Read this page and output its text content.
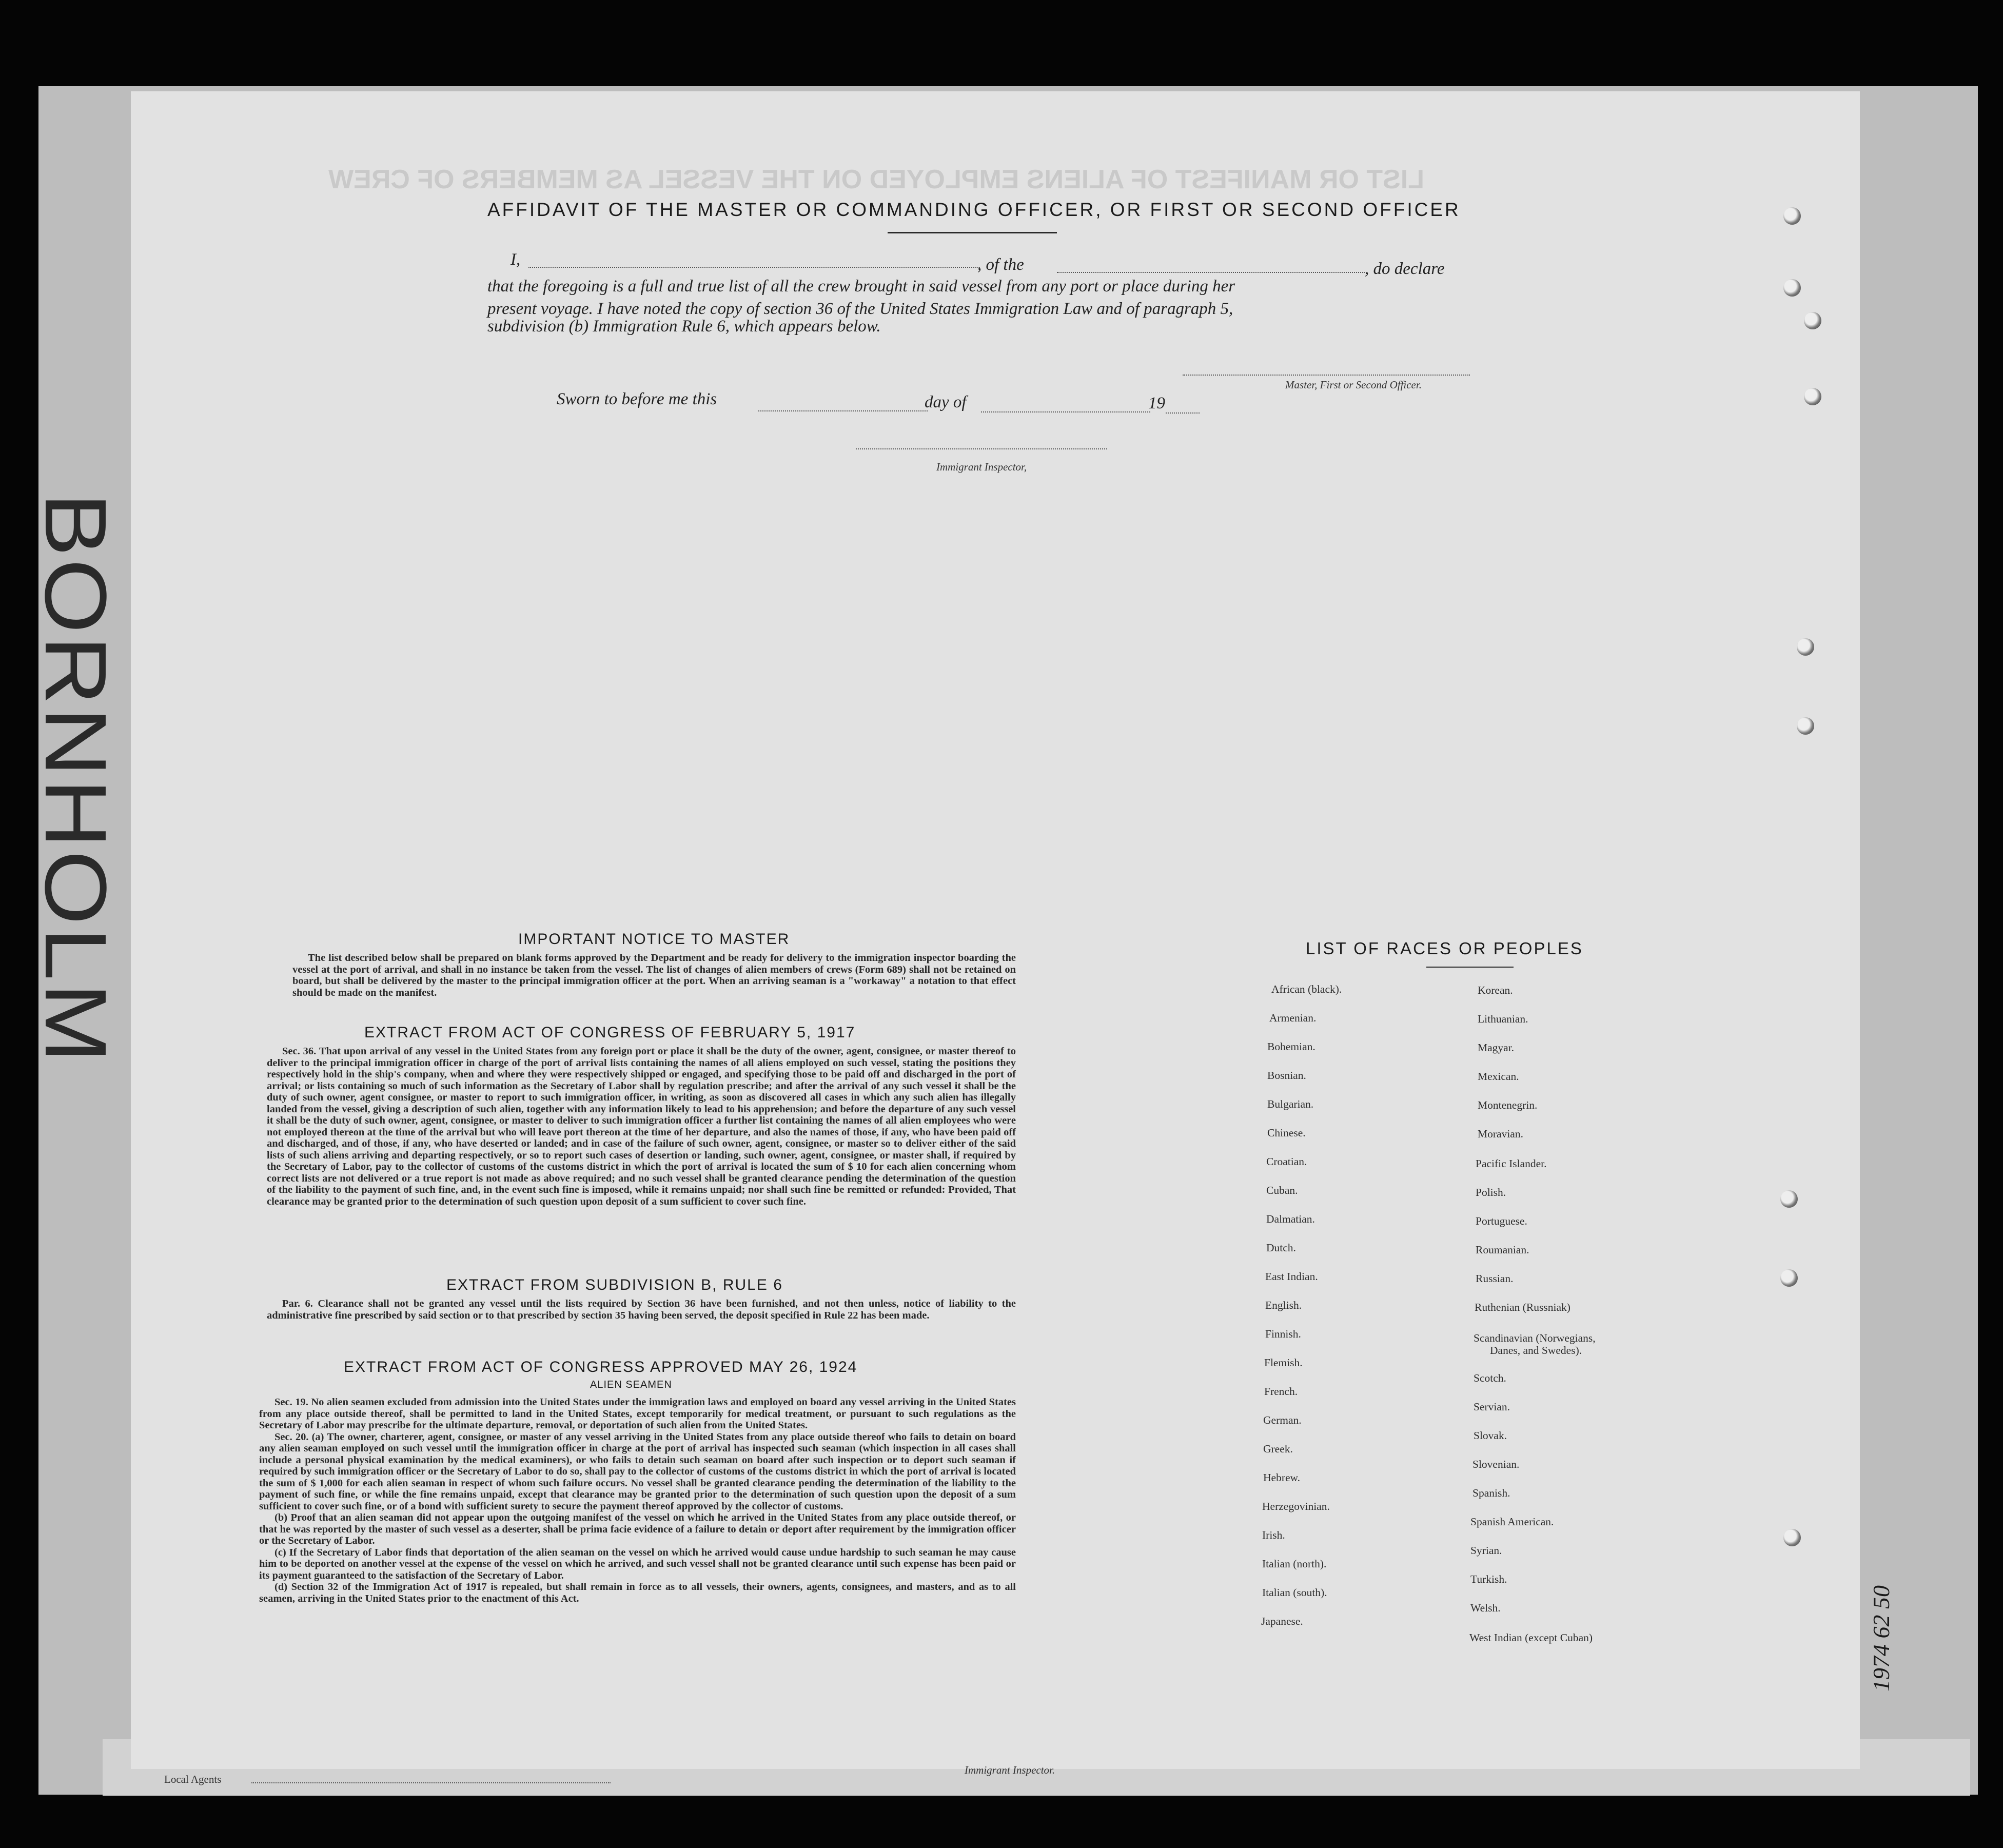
BORNHOLM
LIST OR MANIFEST OF ALIENS EMPLOYED ON THE VESSEL AS MEMBERS OF CREW
AFFIDAVIT OF THE MASTER OR COMMANDING OFFICER, OR FIRST OR SECOND OFFICER
I,	, of the	, do declare
that the foregoing is a full and true list of all the crew brought in said vessel from any port or place during her
present voyage. I have noted the copy of section 36 of the United States Immigration Law and of paragraph 5,
subdivision (b) Immigration Rule 6, which appears below.
Master, First or Second Officer.
Sworn to before me this	day of	19
Immigrant Inspector,
IMPORTANT NOTICE TO MASTER

The list described below shall be prepared on blank forms approved by the Department and be ready for delivery to the immigration inspector boarding the vessel at the port of arrival, and shall in no instance be taken from the vessel. The list of changes of alien members of crews (Form 689) shall not be retained on board, but shall be delivered by the master to the principal immigration officer at the port. When an arriving seaman is a "workaway" a notation to that effect should be made on the manifest.

EXTRACT FROM ACT OF CONGRESS OF FEBRUARY 5, 1917

Sec. 36. That upon arrival of any vessel in the United States from any foreign port or place it shall be the duty of the owner, agent, consignee, or master thereof to deliver to the principal immigration officer in charge of the port of arrival lists containing the names of all aliens employed on such vessel, stating the positions they respectively hold in the ship's company, when and where they were respectively shipped or engaged, and specifying those to be paid off and discharged in the port of arrival; or lists containing so much of such information as the Secretary of Labor shall by regulation prescribe; and after the arrival of any such vessel it shall be the duty of such owner, agent consignee, or master to report to such immigration officer, in writing, as soon as discovered all cases in which any such alien has illegally landed from the vessel, giving a description of such alien, together with any information likely to lead to his apprehension; and before the departure of any such vessel it shall be the duty of such owner, agent, consignee, or master to deliver to such immigration officer a further list containing the names of all alien employees who were not employed thereon at the time of the arrival but who will leave port thereon at the time of her departure, and also the names of those, if any, who have been paid off and discharged, and of those, if any, who have deserted or landed; and in case of the failure of such owner, agent, consignee, or master so to deliver either of the said lists of such aliens arriving and departing respectively, or so to report such cases of desertion or landing, such owner, agent, consignee, or master shall, if required by the Secretary of Labor, pay to the collector of customs of the customs district in which the port of arrival is located the sum of $ 10 for each alien concerning whom correct lists are not delivered or a true report is not made as above required; and no such vessel shall be granted clearance pending the determination of the question of the liability to the payment of such fine, and, in the event such fine is imposed, while it remains unpaid; nor shall such fine be remitted or refunded: Provided, That clearance may be granted prior to the determination of such question upon deposit of a sum sufficient to cover such fine.

EXTRACT FROM SUBDIVISION B, RULE 6

Par. 6. Clearance shall not be granted any vessel until the lists required by Section 36 have been furnished, and not then unless, notice of liability to the administrative fine prescribed by said section or to that prescribed by section 35 having been served, the deposit specified in Rule 22 has been made.

EXTRACT FROM ACT OF CONGRESS APPROVED MAY 26, 1924
ALIEN SEAMEN

Sec. 19. No alien seamen excluded from admission into the United States under the immigration laws and employed on board any vessel arriving in the United States from any place outside thereof, shall be permitted to land in the United States, except temporarily for medical treatment, or pursuant to such regulations as the Secretary of Labor may prescribe for the ultimate departure, removal, or deportation of such alien from the United States.

Sec. 20. (a) The owner, charterer, agent, consignee, or master of any vessel arriving in the United States from any place outside thereof who fails to detain on board any alien seaman employed on such vessel until the immigration officer in charge at the port of arrival has inspected such seaman (which inspection in all cases shall include a personal physical examination by the medical examiners), or who fails to detain such seaman on board after such inspection or to deport such seaman if required by such immigration officer or the Secretary of Labor to do so, shall pay to the collector of customs of the customs district in which the port of arrival is located the sum of $ 1,000 for each alien seaman in respect of whom such failure occurs. No vessel shall be granted clearance pending the determination of the liability to the payment of such fine, or while the fine remains unpaid, except that clearance may be granted prior to the determination of such question upon the deposit of a sum sufficient to cover such fine, or of a bond with sufficient surety to secure the payment thereof approved by the collector of customs.

(b) Proof that an alien seaman did not appear upon the outgoing manifest of the vessel on which he arrived in the United States from any place outside thereof, or that he was reported by the master of such vessel as a deserter, shall be prima facie evidence of a failure to detain or deport after requirement by the immigration officer or the Secretary of Labor.

(c) If the Secretary of Labor finds that deportation of the alien seaman on the vessel on which he arrived would cause undue hardship to such seaman he may cause him to be deported on another vessel at the expense of the vessel on which he arrived, and such vessel shall not be granted clearance until such expense has been paid or its payment guaranteed to the satisfaction of the Secretary of Labor.

(d) Section 32 of the Immigration Act of 1917 is repealed, but shall remain in force as to all vessels, their owners, agents, consignees, and masters, and as to all seamen, arriving in the United States prior to the enactment of this Act.

LIST OF RACES OR PEOPLES
African (black).
Armenian.
Bohemian.
Bosnian.
Bulgarian.
Chinese.
Croatian.
Cuban.
Dalmatian.
Dutch.
East Indian.
English.
Finnish.
Flemish.
French.
German.
Greek.
Hebrew.
Herzegovinian.
Irish.
Italian (north).
Italian (south).
Japanese.
Korean.
Lithuanian.
Magyar.
Mexican.
Montenegrin.
Moravian.
Pacific Islander.
Polish.
Portuguese.
Roumanian.
Russian.
Ruthenian (Russniak)
Scandinavian (Norwegians,
Danes, and Swedes).
Scotch.
Servian.
Slovak.
Slovenian.
Spanish.
Spanish American.
Syrian.
Turkish.
Welsh.
West Indian (except Cuban)	1974 62 50
Local Agents
Immigrant Inspector.
